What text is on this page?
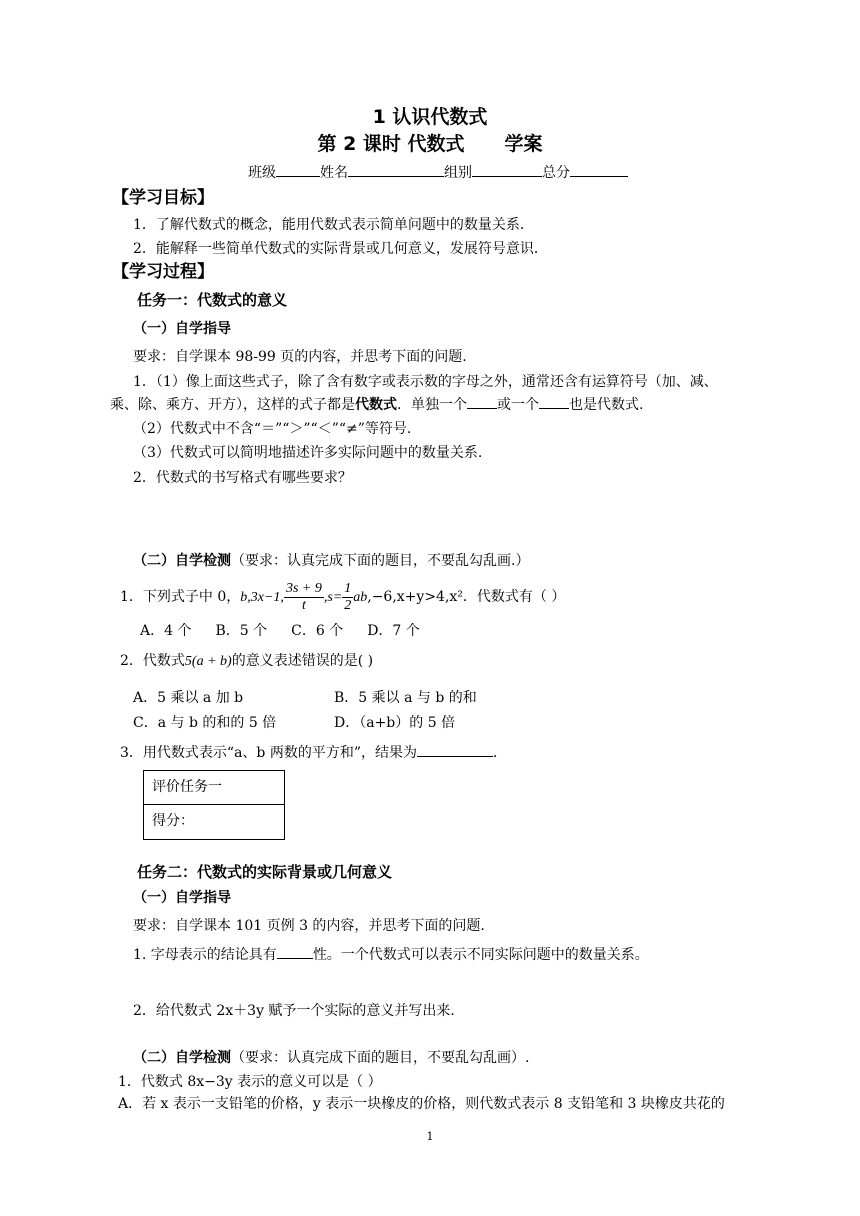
1 认识代数式
第 2 课时 代数式 学案
班级	姓名	组别	总分
【学习目标】
1．了解代数式的概念，能用代数式表示简单问题中的数量关系．
2．能解释一些简单代数式的实际背景或几何意义，发展符号意识．
【学习过程】
任务一：代数式的意义
（一）自学指导
要求：自学课本 98-99 页的内容，并思考下面的问题.
1．（1）像上面这些式子，除了含有数字或表示数的字母之外，通常还含有运算符号（加、减、
乘、除、乘方、开方），这样的式子都是代数式．单独一个 或一个 也是代数式.
（2）代数式中不含“＝”“＞”“＜”“≠”等符号.
（3）代数式可以简明地描述许多实际问题中的数量关系.
2．代数式的书写格式有哪些要求？
（二）自学检测（要求：认真完成下面的题目，不要乱勾乱画.）
1．下列式子中 0，b,3x−1, $\frac{3s + 9}{t} ,s= \frac{1}{2} ab,-6,x+y>4,x^2$．代数式有（ ）
A．4 个 B．5 个 C．6 个 D．7 个
2．代数式5(a + b)的意义表述错误的是( )
A．5 乘以 a 加 b	B．5 乘以 a 与 b 的和
C．a 与 b 的和的 5 倍	D．（a+b）的 5 倍
3．用代数式表示“a、b 两数的平方和”，结果为	．
评价任务一
得分：
任务二：代数式的实际背景或几何意义
（一）自学指导
要求：自学课本 101 页例 3 的内容，并思考下面的问题.
1. 字母表示的结论具有	性。一个代数式可以表示不同实际问题中的数量关系。
2．给代数式 2x＋3y 赋予一个实际的意义并写出来．
（二）自学检测（要求：认真完成下面的题目，不要乱勾乱画）.
1．代数式 8x−3y 表示的意义可以是（ ）
A．若 x 表示一支铅笔的价格，y 表示一块橡皮的价格，则代数式表示 8 支铅笔和 3 块橡皮共花的
1
